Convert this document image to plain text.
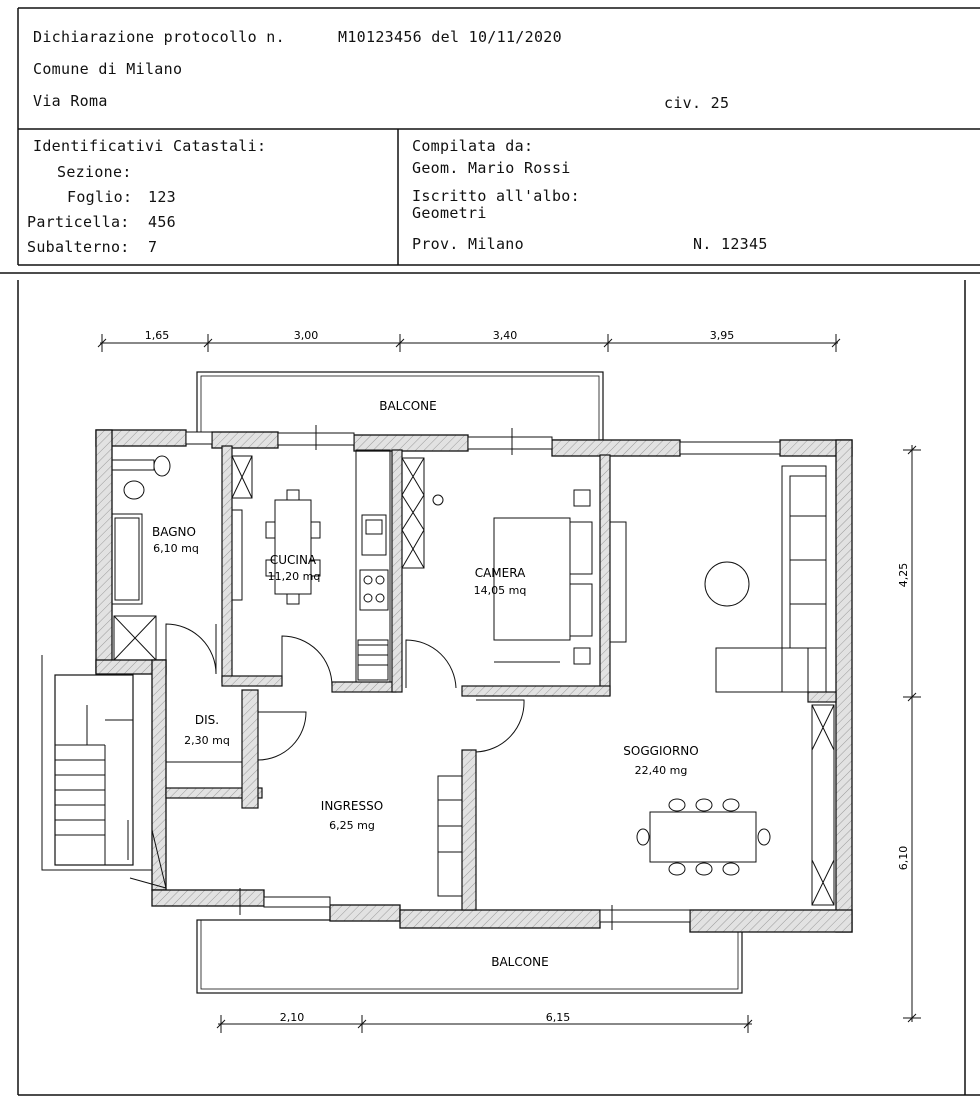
Dichiarazione protocollo n.	M10123456 del 10/11/2020
Comune di Milano
Via Roma	civ. 25
Identificativi Catastali:
Sezione:
Foglio: 123
Particella: 456
Subalterno: 7
Compilata da:
Geom. Mario Rossi
Iscritto all'albo:
Geometri
Prov. Milano	N. 12345
1,65	3,00	3,40	3,95
4,25
6,10
2,10	6,15
BALCONE
BALCONE
BAGNO
6,10 mq
CUCINA
11,20 mq	CAMERA
14,05 mq
DIS.
2,30 mq
INGRESSO
6,25 mg
SOGGIORNO
22,40 mg
